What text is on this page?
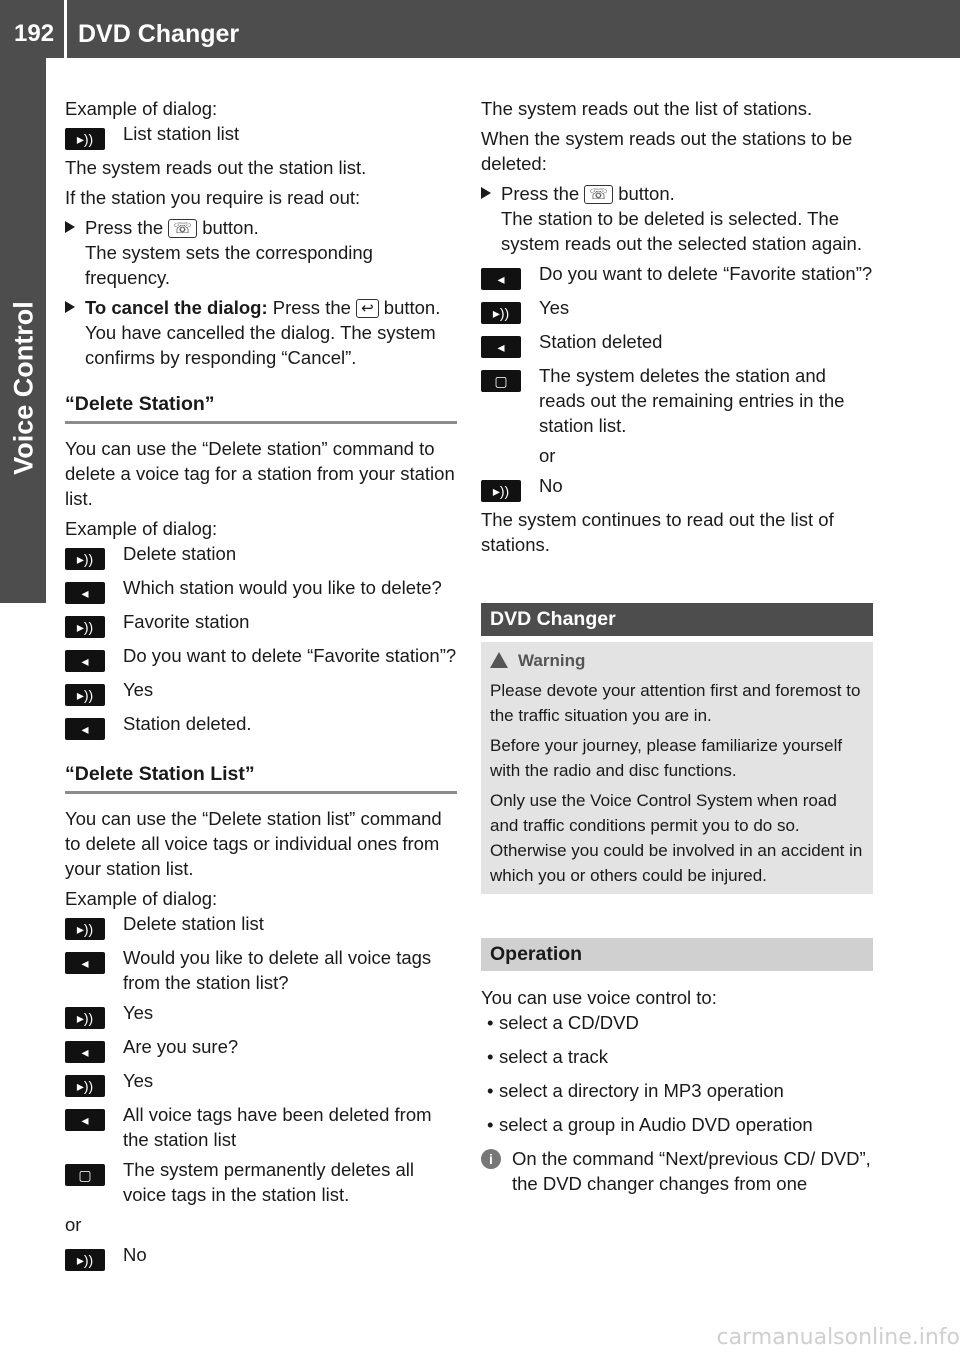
192 DVD Changer
Voice Control

Example of dialog:

▸))	List station list

The system reads out the station list.

If the station you require is read out:

Press the ☏ button.
The system sets the corresponding frequency.
To cancel the dialog: Press the ↩ button.
You have cancelled the dialog. The system confirms by responding “Cancel”.
“Delete Station”

You can use the “Delete station” command to delete a voice tag for a station from your station list.

Example of dialog:

▸))	Delete station
◂	Which station would you like to delete?
▸))	Favorite station
◂	Do you want to delete “Favorite station”?
▸))	Yes
◂	Station deleted.
“Delete Station List”

You can use the “Delete station list” command to delete all voice tags or individual ones from your station list.

Example of dialog:

▸))	Delete station list
◂	Would you like to delete all voice tags from the station list?
▸))	Yes
◂	Are you sure?
▸))	Yes
◂	All voice tags have been deleted from the station list
▢	The system permanently deletes all voice tags in the station list.

or

▸))	No

The system reads out the list of stations.

When the system reads out the stations to be deleted:

Press the ☏ button.
The station to be deleted is selected. The system reads out the selected station again.
◂	Do you want to delete “Favorite station”?
▸))	Yes
◂	Station deleted
▢	The system deletes the station and reads out the remaining entries in the station list.
or
▸))	No

The system continues to read out the list of stations.

DVD Changer

Warning

Please devote your attention first and foremost to the traffic situation you are in.

Before your journey, please familiarize yourself with the radio and disc functions.

Only use the Voice Control System when road and traffic conditions permit you to do so. Otherwise you could be involved in an accident in which you or others could be injured.

Operation

You can use voice control to:

• select a CD/DVD
• select a track
• select a directory in MP3 operation
• select a group in Audio DVD operation
i	On the command “Next/previous CD/ DVD”, the DVD changer changes from one
carmanualsonline.info
